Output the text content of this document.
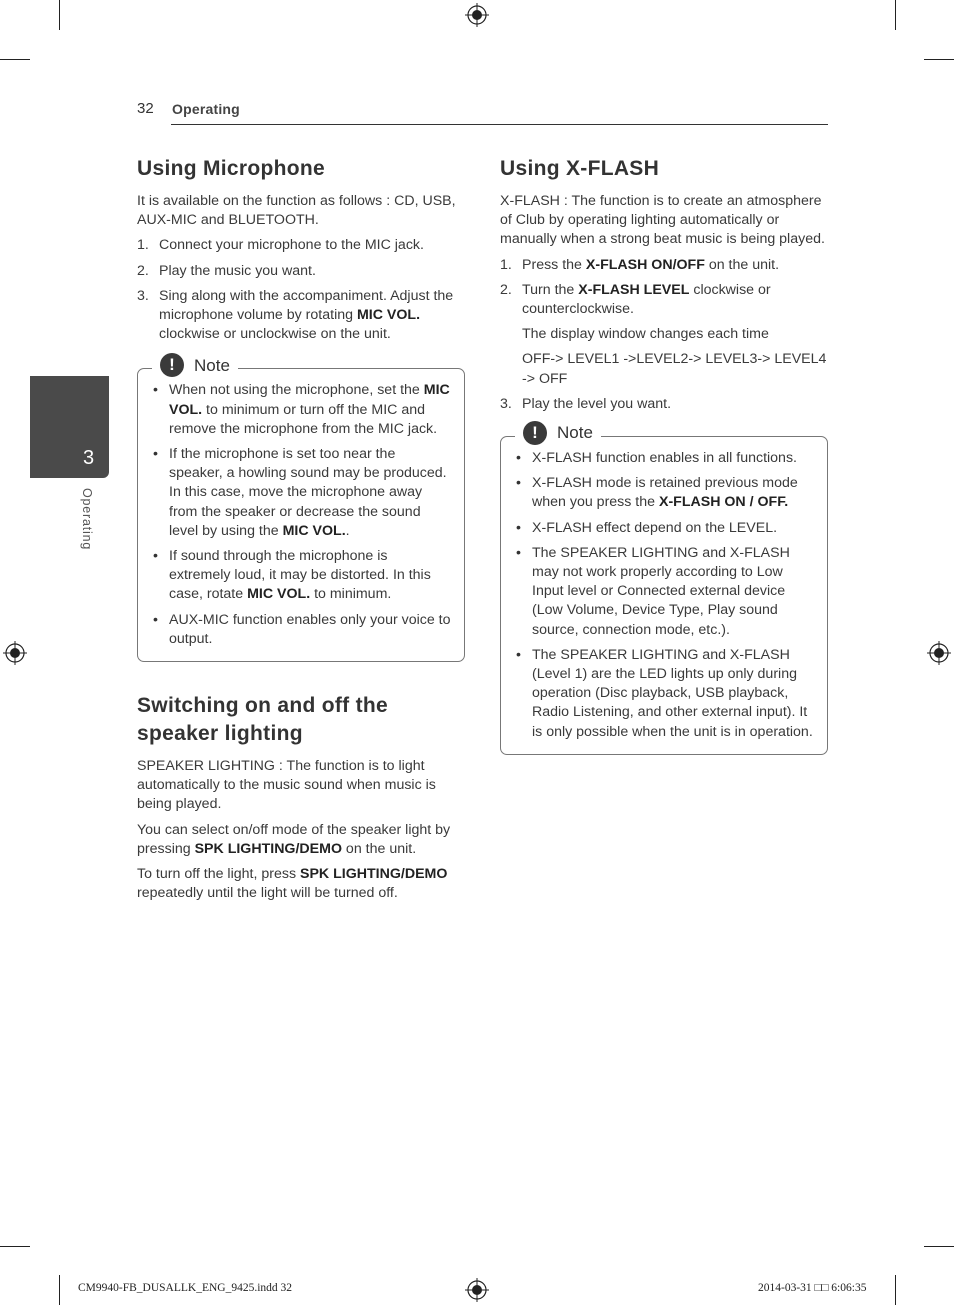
32 Operating
3
Operating
Using Microphone

It is available on the function as follows : CD, USB, AUX-MIC and BLUETOOTH.

1. Connect your microphone to the MIC jack.
2. Play the music you want.
3. Sing along with the accompaniment. Adjust the microphone volume by rotating MIC VOL. clockwise or unclockwise on the unit.
!	Note
• When not using the microphone, set the MIC VOL. to minimum or turn off the MIC and remove the microphone from the MIC jack.
• If the microphone is set too near the speaker, a howling sound may be produced. In this case, move the microphone away from the speaker or decrease the sound level by using the MIC VOL..
• If sound through the microphone is extremely loud, it may be distorted. In this case, rotate MIC VOL. to minimum.
• AUX-MIC function enables only your voice to output.
Switching on and off the speaker lighting

SPEAKER LIGHTING : The function is to light automatically to the music sound when music is being played.

You can select on/off mode of the speaker light by pressing SPK LIGHTING/DEMO on the unit.

To turn off the light, press SPK LIGHTING/DEMO repeatedly until the light will be turned off.

Using X-FLASH

X-FLASH : The function is to create an atmosphere of Club by operating lighting automatically or manually when a strong beat music is being played.

1. Press the X-FLASH ON/OFF on the unit.
2. Turn the X-FLASH LEVEL clockwise or counterclockwise.

The display window changes each time

OFF-> LEVEL1 ->LEVEL2-> LEVEL3-> LEVEL4 -> OFF

3. Play the level you want.
!	Note
• X-FLASH function enables in all functions.
• X-FLASH mode is retained previous mode when you press the X-FLASH ON / OFF.
• X-FLASH effect depend on the LEVEL.
• The SPEAKER LIGHTING and X-FLASH may not work properly according to Low Input level or Connected external device (Low Volume, Device Type, Play sound source, connection mode, etc.).
• The SPEAKER LIGHTING and X-FLASH (Level 1) are the LED lights up only during operation (Disc playback, USB playback, Radio Listening, and other external input). It is only possible when the unit is in operation.
CM9940-FB_DUSALLK_ENG_9425.indd 32	2014-03-31 □□ 6:06:35
